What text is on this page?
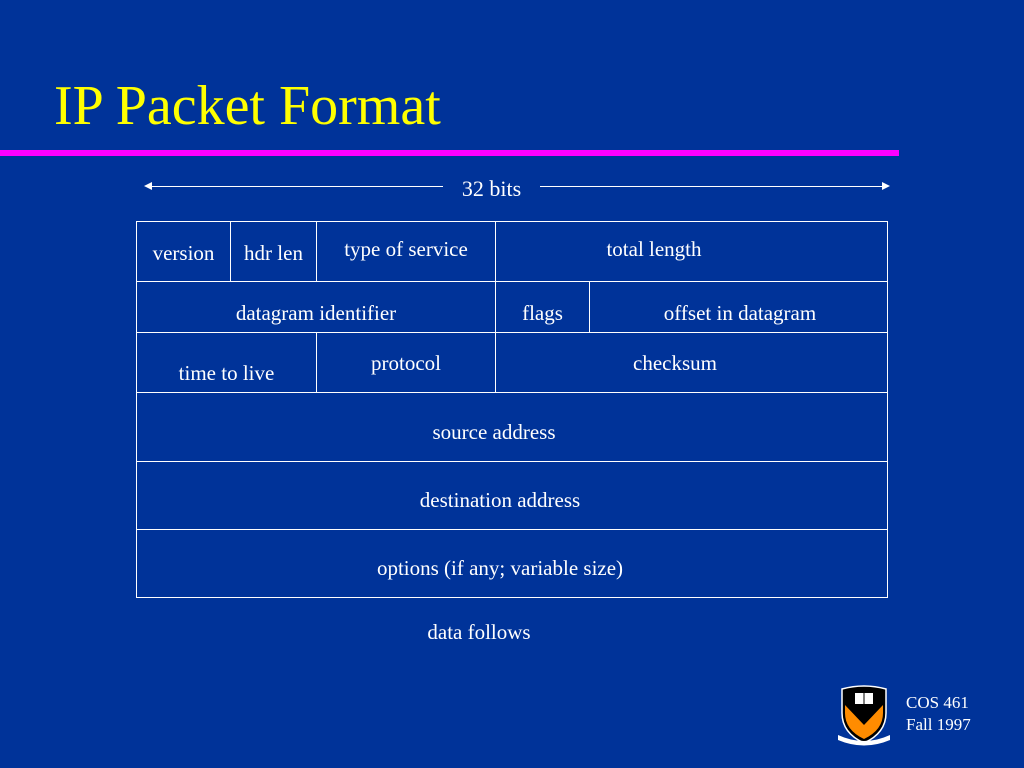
IP Packet Format
32 bits
version	hdr len	type of service	total length
datagram identifier	flags	offset in datagram
time to live	protocol	checksum
source address
destination address
options (if any; variable size)
data follows
COS 461
Fall 1997
